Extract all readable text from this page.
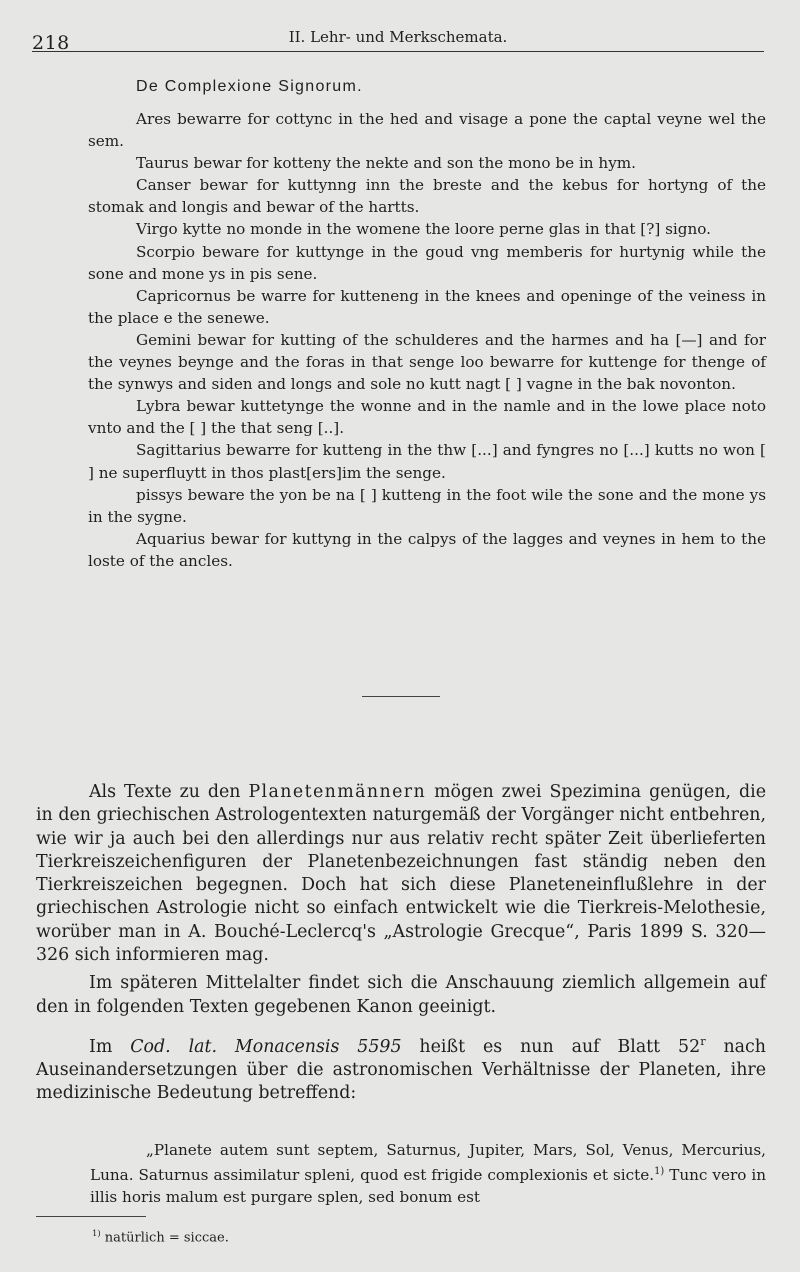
218	II. Lehr- und Merkschemata.
De Complexione Signorum.

Ares bewarre for cottync in the hed and visage a pone the captal veyne wel the sem.

Taurus bewar for kotteny the nekte and son the mono be in hym.

Canser bewar for kuttynng inn the breste and the kebus for hortyng of the stomak and longis and bewar of the hartts.

Virgo kytte no monde in the womene the loore perne glas in that [?] signo.

Scorpio beware for kuttynge in the goud vng memberis for hurtynig while the sone and mone ys in pis sene.

Capricornus be warre for kutteneng in the knees and openinge of the veiness in the place e the senewe.

Gemini bewar for kutting of the schulderes and the harmes and ha [—] and for the veynes beynge and the foras in that senge loo bewarre for kuttenge for thenge of the synwys and siden and longs and sole no kutt nagt [ ] vagne in the bak novonton.

Lybra bewar kuttetynge the wonne and in the namle and in the lowe place noto vnto and the [ ] the that seng [..].

Sagittarius bewarre for kutteng in the thw [...] and fyngres no [...] kutts no won [ ] ne superfluytt in thos plast[ers]im the senge.

pissys beware the yon be na [ ] kutteng in the foot wile the sone and the mone ys in the sygne.

Aquarius bewar for kuttyng in the calpys of the lagges and veynes in hem to the loste of the ancles.

Als Texte zu den Planetenmännern mögen zwei Spezimina genügen, die in den griechischen Astrologentexten naturgemäß der Vorgänger nicht entbehren, wie wir ja auch bei den allerdings nur aus relativ recht später Zeit überlieferten Tierkreiszeichenfiguren der Planetenbezeichnungen fast ständig neben den Tierkreiszeichen begegnen. Doch hat sich diese Planeteneinflußlehre in der griechischen Astrologie nicht so einfach entwickelt wie die Tierkreis-Melothesie, worüber man in A. Bouché-Leclercq's „Astrologie Grecque“, Paris 1899 S. 320—326 sich informieren mag.

Im späteren Mittelalter findet sich die Anschauung ziemlich allgemein auf den in folgenden Texten gegebenen Kanon geeinigt.

Im Cod. lat. Monacensis 5595 heißt es nun auf Blatt 52$^r$ nach Auseinandersetzungen über die astronomischen Verhältnisse der Planeten, ihre medizinische Bedeutung betreffend:

„Planete autem sunt septem, Saturnus, Jupiter, Mars, Sol, Venus, Mercurius, Luna. Saturnus assimilatur spleni, quod est frigide complexionis et sicte.$^{1)}$ Tunc vero in illis horis malum est purgare splen, sed bonum est

$^{1)}$ natürlich = siccae.
